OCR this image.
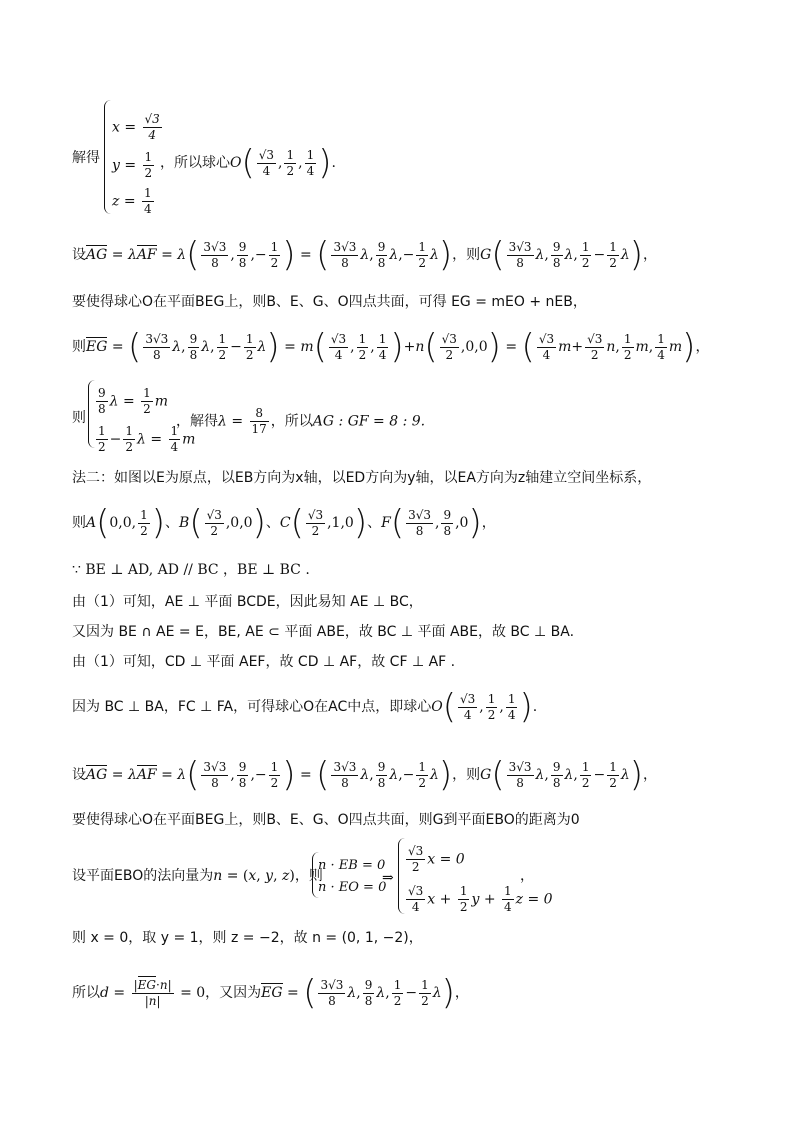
解得
$x = \frac{√3}{4}$
$y = \frac{1}{2}$
$z = \frac{1}{4}$
，所以球心$O( \frac{√3}{4}$ , $\frac{1}{2}$ , $\frac{1}{4}$ ).
设AG = $\lambda AF = \lambda( \frac{3√3}{8}$ , $\frac{9}{8}$ ,− $\frac{1}{2}$ ) = ( $\frac{3√3}{8} \lambda$, $\frac{9}{8} \lambda,- \frac{1}{2} \lambda$)，则$G( \frac{3√3}{8} \lambda$, $\frac{9}{8} \lambda$, $\frac{1}{2} - \frac{1}{2} \lambda$)，
要使得球心O在平面BEG上，则B、E、G、O四点共面，可得 EG = mEO + nEB，
则EG = ( $\frac{3√3}{8} \lambda$, $\frac{9}{8} \lambda$, $\frac{1}{2} - \frac{1}{2} \lambda) = m( \frac{√3}{4}$ , $\frac{1}{2}$ , $\frac{1}{4} )+n( \frac{√3}{2} ,0,0)$ = ( $\frac{√3}{4} m+ \frac{√3}{2} n$, $\frac{1}{2} m$, $\frac{1}{4} m$)，
则
$\frac{9}{8}$ $\lambda = \frac{1}{2}$ m
$\frac{1}{2} - \frac{1}{2}$ $\lambda = \frac{1}{4}$ m
，解得$\lambda = \frac{8}{17}$ ，所以AG : GF = 8 : 9.
法二：如图以E为原点，以EB方向为x轴，以ED方向为y轴，以EA方向为z轴建立空间坐标系，
则A(0,0, $\frac{1}{2}$ )、$B( \frac{√3}{2} ,0,0)$、$C( \frac{√3}{2} ,1,0)$、$F( \frac{3√3}{8}$ , $\frac{9}{8} ,0$)，
∵ BE ⊥ AD, AD // BC ，BE ⊥ BC .
由（1）可知，AE ⊥ 平面 BCDE，因此易知 AE ⊥ BC，
又因为 BE ∩ AE = E，BE, AE ⊂ 平面 ABE，故 BC ⊥ 平面 ABE，故 BC ⊥ BA.
由（1）可知，CD ⊥ 平面 AEF，故 CD ⊥ AF，故 CF ⊥ AF .
因为 BC ⊥ BA，FC ⊥ FA，可得球心O在AC中点，即球心$O( \frac{√3}{4}$ , $\frac{1}{2}$ , $\frac{1}{4}$ ).
设AG = $\lambda AF = \lambda( \frac{3√3}{8}$ , $\frac{9}{8}$ ,− $\frac{1}{2}$ ) = ( $\frac{3√3}{8} \lambda$, $\frac{9}{8} \lambda,- \frac{1}{2} \lambda$)，则$G( \frac{3√3}{8} \lambda$, $\frac{9}{8} \lambda$, $\frac{1}{2} - \frac{1}{2} \lambda$)，
要使得球心O在平面BEG上，则B、E、G、O四点共面，则G到平面EBO的距离为0
设平面EBO的法向量为n = (x, y, z)，则
n · EB = 0
n · EO = 0
⇒
$\frac{√3}{2}$ x = 0
$\frac{√3}{4}$ $x + \frac{1}{2}$ $y + \frac{1}{4}$ z = 0
，
则 x = 0，取 y = 1，则 z = −2，故 n = (0, 1, −2)，
所以$d = \frac{|EG\cdot n|}{|n|} = 0$，又因为EG = ( $\frac{3√3}{8} \lambda$, $\frac{9}{8} \lambda$, $\frac{1}{2} - \frac{1}{2} \lambda$)，
